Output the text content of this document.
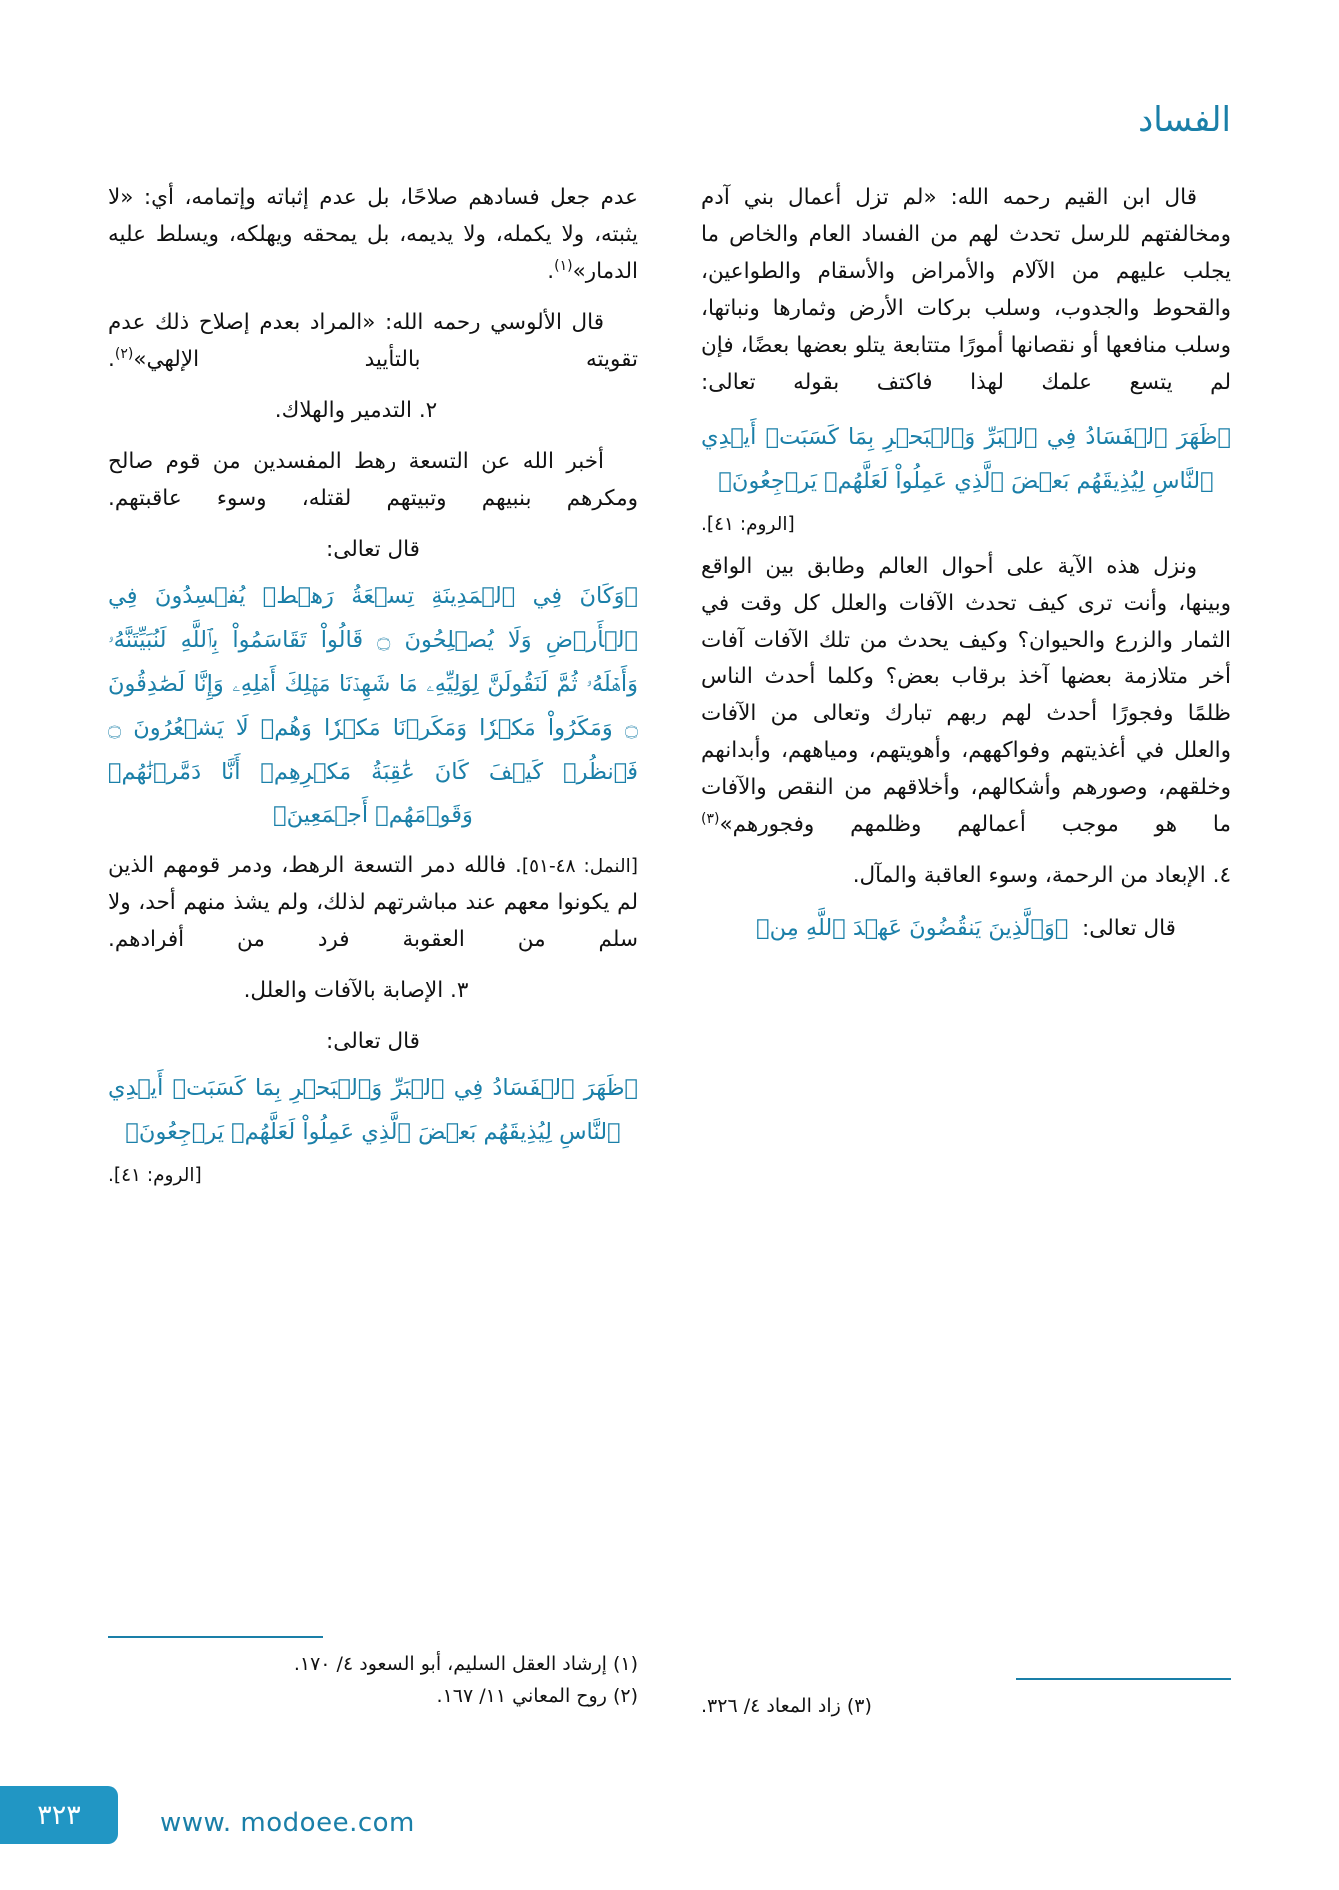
الفساد

قال ابن القيم رحمه الله: «لم تزل أعمال بني آدم ومخالفتهم للرسل تحدث لهم من الفساد العام والخاص ما يجلب عليهم من الآلام والأمراض والأسقام والطواعين، والقحوط والجدوب، وسلب بركات الأرض وثمارها ونباتها، وسلب منافعها أو نقصانها أمورًا متتابعة يتلو بعضها بعضًا، فإن لم يتسع علمك لهذا فاكتف بقوله تعالى:

﴿ظَهَرَ ٱلۡفَسَادُ فِي ٱلۡبَرِّ وَٱلۡبَحۡرِ بِمَا كَسَبَتۡ أَيۡدِي ٱلنَّاسِ لِيُذِيقَهُم بَعۡضَ ٱلَّذِي عَمِلُواْ لَعَلَّهُمۡ يَرۡجِعُونَ﴾
[الروم: ٤١].

ونزل هذه الآية على أحوال العالم وطابق بين الواقع وبينها، وأنت ترى كيف تحدث الآفات والعلل كل وقت في الثمار والزرع والحيوان؟ وكيف يحدث من تلك الآفات آفات أخر متلازمة بعضها آخذ برقاب بعض؟ وكلما أحدث الناس ظلمًا وفجورًا أحدث لهم ربهم تبارك وتعالى من الآفات والعلل في أغذيتهم وفواكههم، وأهويتهم، ومياههم، وأبدانهم وخلقهم، وصورهم وأشكالهم، وأخلاقهم من النقص والآفات ما هو موجب أعمالهم وظلمهم وفجورهم»$^{(٣)}$

٤. الإبعاد من الرحمة، وسوء العاقبة والمآل.

قال تعالى:  ﴿وَٱلَّذِينَ يَنقُضُونَ عَهۡدَ ٱللَّهِ مِنۡ

عدم جعل فسادهم صلاحًا، بل عدم إثباته وإتمامه، أي: «لا يثبته، ولا يكمله، ولا يديمه، بل يمحقه ويهلكه، ويسلط عليه الدمار»$^{(١)}$.

قال الألوسي رحمه الله: «المراد بعدم إصلاح ذلك عدم تقويته بالتأييد الإلهي»$^{(٢)}$.

٢. التدمير والهلاك.

أخبر الله عن التسعة رهط المفسدين من قوم صالح ومكرهم بنبيهم وتبيتهم لقتله، وسوء عاقبتهم.

قال تعالى:

﴿وَكَانَ فِي ٱلۡمَدِينَةِ تِسۡعَةُ رَهۡطٖ يُفۡسِدُونَ فِي ٱلۡأَرۡضِ وَلَا يُصۡلِحُونَ ۝ قَالُواْ تَقَاسَمُواْ بِٱللَّهِ لَنُبَيِّتَنَّهُۥ وَأَهۡلَهُۥ ثُمَّ لَنَقُولَنَّ لِوَلِيِّهِۦ مَا شَهِدۡنَا مَهۡلِكَ أَهۡلِهِۦ وَإِنَّا لَصَٰدِقُونَ ۝ وَمَكَرُواْ مَكۡرٗا وَمَكَرۡنَا مَكۡرٗا وَهُمۡ لَا يَشۡعُرُونَ ۝ فَٱنظُرۡ كَيۡفَ كَانَ عَٰقِبَةُ مَكۡرِهِمۡ أَنَّا دَمَّرۡنَٰهُمۡ وَقَوۡمَهُمۡ أَجۡمَعِينَ﴾

[النمل: ٤٨-٥١]. فالله دمر التسعة الرهط، ودمر قومهم الذين لم يكونوا معهم عند مباشرتهم لذلك، ولم يشذ منهم أحد، ولا سلم من العقوبة فرد من أفرادهم.

٣. الإصابة بالآفات والعلل.

قال تعالى:

﴿ظَهَرَ ٱلۡفَسَادُ فِي ٱلۡبَرِّ وَٱلۡبَحۡرِ بِمَا كَسَبَتۡ أَيۡدِي ٱلنَّاسِ لِيُذِيقَهُم بَعۡضَ ٱلَّذِي عَمِلُواْ لَعَلَّهُمۡ يَرۡجِعُونَ﴾
[الروم: ٤١].
(١) إرشاد العقل السليم، أبو السعود ٤/ ١٧٠.
(٢) روح المعاني ١١/ ١٦٧.	(٣) زاد المعاد ٤/ ٣٢٦.
٣٢٣	www. modoee.com
